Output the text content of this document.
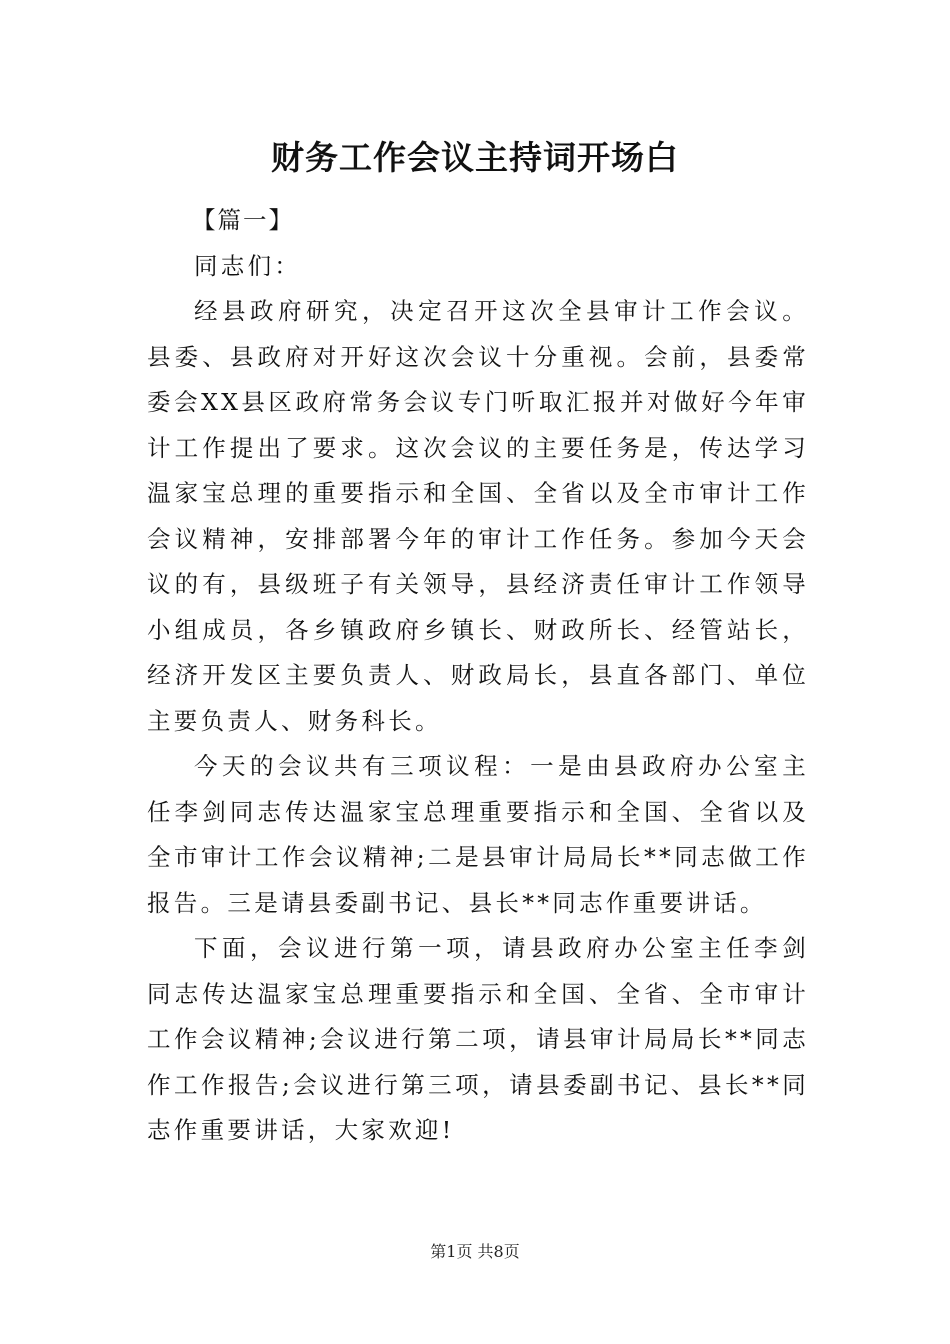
财务工作会议主持词开场白

【篇一】

同志们：

经县政府研究，决定召开这次全县审计工作会议。县委、县政府对开好这次会议十分重视。会前，县委常委会XX县区政府常务会议专门听取汇报并对做好今年审计工作提出了要求。这次会议的主要任务是，传达学习温家宝总理的重要指示和全国、全省以及全市审计工作会议精神，安排部署今年的审计工作任务。参加今天会议的有，县级班子有关领导，县经济责任审计工作领导小组成员，各乡镇政府乡镇长、财政所长、经管站长，经济开发区主要负责人、财政局长，县直各部门、单位主要负责人、财务科长。

今天的会议共有三项议程：一是由县政府办公室主任李剑同志传达温家宝总理重要指示和全国、全省以及全市审计工作会议精神;二是县审计局局长**同志做工作报告。三是请县委副书记、县长**同志作重要讲话。

下面，会议进行第一项，请县政府办公室主任李剑同志传达温家宝总理重要指示和全国、全省、全市审计工作会议精神;会议进行第二项，请县审计局局长**同志作工作报告;会议进行第三项，请县委副书记、县长**同志作重要讲话，大家欢迎!

第1页 共8页
